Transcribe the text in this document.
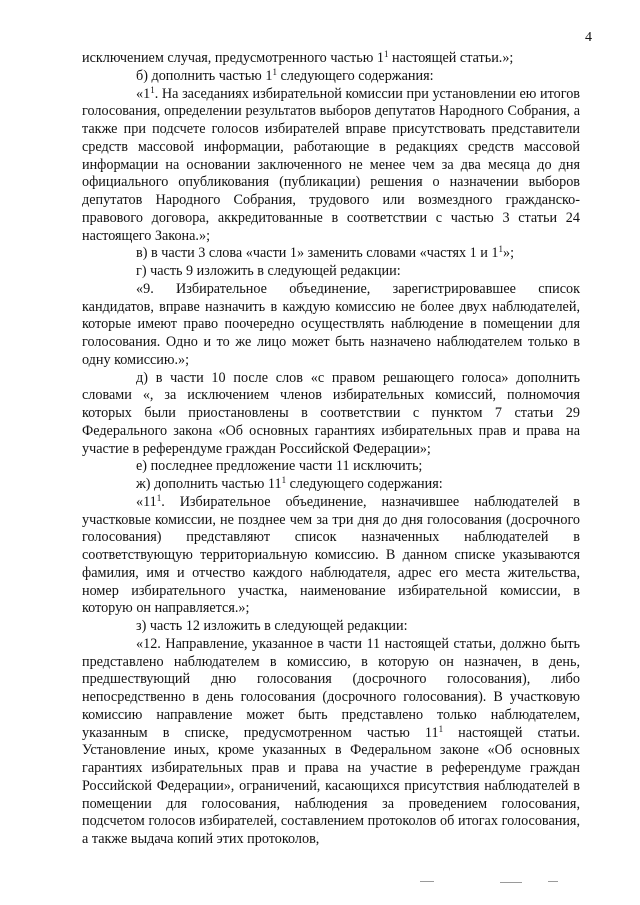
4

исключением случая, предусмотренного частью $1^1$ настоящей статьи.»;

б) дополнить частью $1^1$ следующего содержания:

«$1^1$. На заседаниях избирательной комиссии при установлении ею итогов голосования, определении результатов выборов депутатов Народного Собрания, а также при подсчете голосов избирателей вправе присутствовать представители средств массовой информации, работающие в редакциях средств массовой информации на основании заключенного не менее чем за два месяца до дня официального опубликования (публикации) решения о назначении выборов депутатов Народного Собрания, трудового или возмездного гражданско-правового договора, аккредитованные в соответствии с частью 3 статьи 24 настоящего Закона.»;

в) в части 3 слова «части 1» заменить словами «частях 1 и $1^1$»;

г) часть 9 изложить в следующей редакции:

«9. Избирательное объединение, зарегистрировавшее список кандидатов, вправе назначить в каждую комиссию не более двух наблюдателей, которые имеют право поочередно осуществлять наблюдение в помещении для голосования. Одно и то же лицо может быть назначено наблюдателем только в одну комиссию.»;

д) в части 10 после слов «с правом решающего голоса» дополнить словами «, за исключением членов избирательных комиссий, полномочия которых были приостановлены в соответствии с пунктом 7 статьи 29 Федерального закона «Об основных гарантиях избирательных прав и права на участие в референдуме граждан Российской Федерации»;

е) последнее предложение части 11 исключить;

ж) дополнить частью $11^1$ следующего содержания:

«$11^1$. Избирательное объединение, назначившее наблюдателей в участковые комиссии, не позднее чем за три дня до дня голосования (досрочного голосования) представляют список назначенных наблюдателей в соответствующую территориальную комиссию. В данном списке указываются фамилия, имя и отчество каждого наблюдателя, адрес его места жительства, номер избирательного участка, наименование избирательной комиссии, в которую он направляется.»;

з) часть 12 изложить в следующей редакции:

«12. Направление, указанное в части 11 настоящей статьи, должно быть представлено наблюдателем в комиссию, в которую он назначен, в день, предшествующий дню голосования (досрочного голосования), либо непосредственно в день голосования (досрочного голосования). В участковую комиссию направление может быть представлено только наблюдателем, указанным в списке, предусмотренном частью $11^1$ настоящей статьи. Установление иных, кроме указанных в Федеральном законе «Об основных гарантиях избирательных прав и права на участие в референдуме граждан Российской Федерации», ограничений, касающихся присутствия наблюдателей в помещении для голосования, наблюдения за проведением голосования, подсчетом голосов избирателей, составлением протоколов об итогах голосования, а также выдача копий этих протоколов,
